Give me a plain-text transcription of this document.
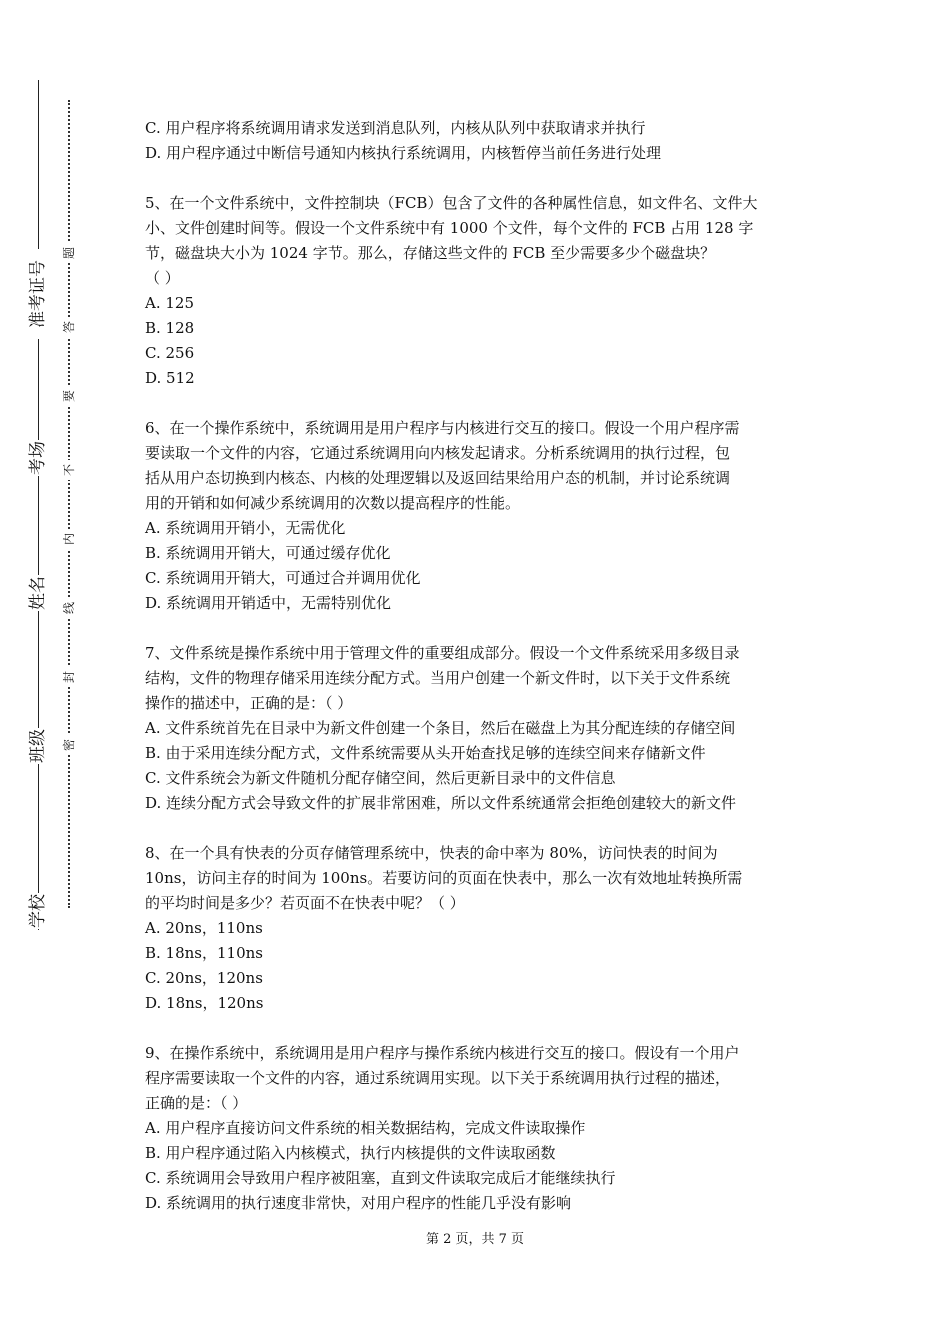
学校
班级
姓名
考场
准考证号
密
封
线
内
不
要
答
题
C. 用户程序将系统调用请求发送到消息队列，内核从队列中获取请求并执行
D. 用户程序通过中断信号通知内核执行系统调用，内核暂停当前任务进行处理
5、在一个文件系统中，文件控制块（FCB）包含了文件的各种属性信息，如文件名、文件大
小、文件创建时间等。假设一个文件系统中有 1000 个文件，每个文件的 FCB 占用 128 字
节，磁盘块大小为 1024 字节。那么，存储这些文件的 FCB 至少需要多少个磁盘块？
（ ）
A. 125
B. 128
C. 256
D. 512
6、在一个操作系统中，系统调用是用户程序与内核进行交互的接口。假设一个用户程序需
要读取一个文件的内容，它通过系统调用向内核发起请求。分析系统调用的执行过程，包
括从用户态切换到内核态、内核的处理逻辑以及返回结果给用户态的机制，并讨论系统调
用的开销和如何减少系统调用的次数以提高程序的性能。
A. 系统调用开销小，无需优化
B. 系统调用开销大，可通过缓存优化
C. 系统调用开销大，可通过合并调用优化
D. 系统调用开销适中，无需特别优化
7、文件系统是操作系统中用于管理文件的重要组成部分。假设一个文件系统采用多级目录
结构，文件的物理存储采用连续分配方式。当用户创建一个新文件时，以下关于文件系统
操作的描述中，正确的是：（ ）
A. 文件系统首先在目录中为新文件创建一个条目，然后在磁盘上为其分配连续的存储空间
B. 由于采用连续分配方式，文件系统需要从头开始查找足够的连续空间来存储新文件
C. 文件系统会为新文件随机分配存储空间，然后更新目录中的文件信息
D. 连续分配方式会导致文件的扩展非常困难，所以文件系统通常会拒绝创建较大的新文件
8、在一个具有快表的分页存储管理系统中，快表的命中率为 80%，访问快表的时间为
10ns，访问主存的时间为 100ns。若要访问的页面在快表中，那么一次有效地址转换所需
的平均时间是多少？若页面不在快表中呢？（ ）
A. 20ns，110ns
B. 18ns，110ns
C. 20ns，120ns
D. 18ns，120ns
9、在操作系统中，系统调用是用户程序与操作系统内核进行交互的接口。假设有一个用户
程序需要读取一个文件的内容，通过系统调用实现。以下关于系统调用执行过程的描述，
正确的是：（ ）
A. 用户程序直接访问文件系统的相关数据结构，完成文件读取操作
B. 用户程序通过陷入内核模式，执行内核提供的文件读取函数
C. 系统调用会导致用户程序被阻塞，直到文件读取完成后才能继续执行
D. 系统调用的执行速度非常快，对用户程序的性能几乎没有影响
第 2 页，共 7 页
